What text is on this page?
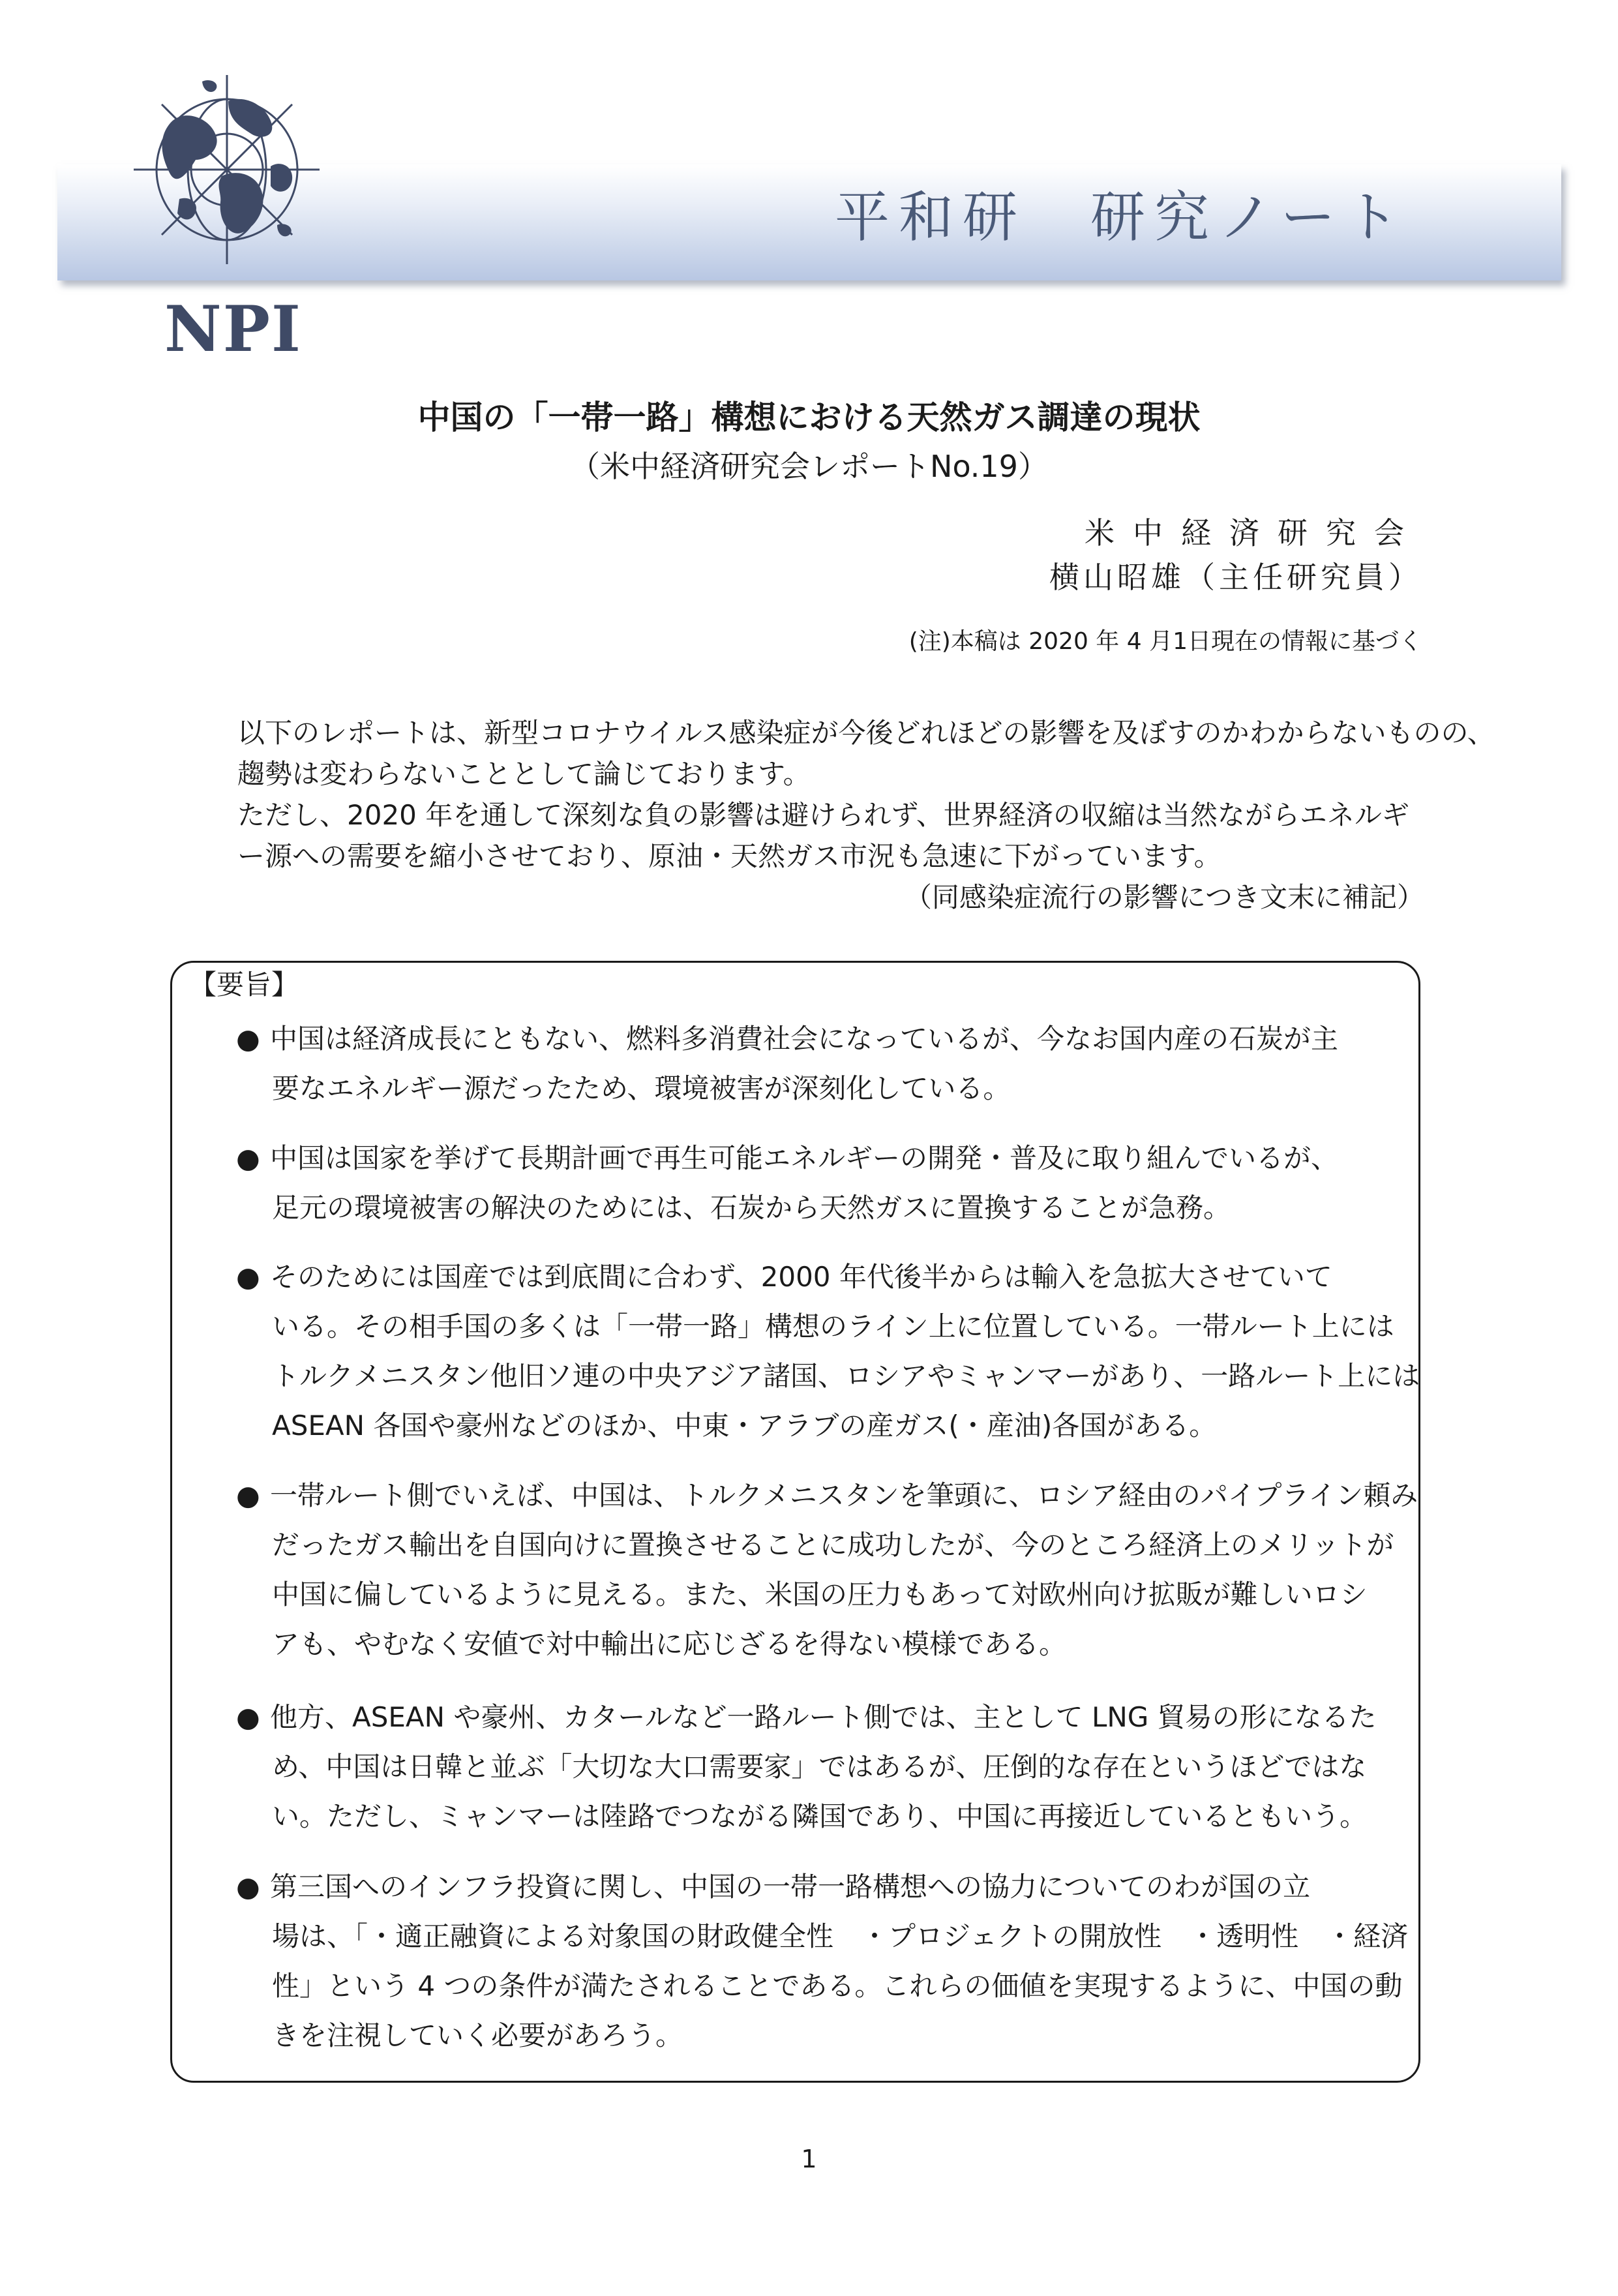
平和研　研究ノート
NPI
中国の「一帯一路」構想における天然ガス調達の現状
（米中経済研究会レポートNo.19）
米中経済研究会
横山昭雄（主任研究員）
(注)本稿は 2020 年 4 月1日現在の情報に基づく
以下のレポートは、新型コロナウイルス感染症が今後どれほどの影響を及ぼすのかわからないものの、
趨勢は変わらないこととして論じております。
ただし、2020 年を通して深刻な負の影響は避けられず、世界経済の収縮は当然ながらエネルギ
ー源への需要を縮小させており、原油・天然ガス市況も急速に下がっています。
（同感染症流行の影響につき文末に補記）
【要旨】
● 中国は経済成長にともない、燃料多消費社会になっているが、今なお国内産の石炭が主
要なエネルギー源だったため、環境被害が深刻化している。
● 中国は国家を挙げて長期計画で再生可能エネルギーの開発・普及に取り組んでいるが、
足元の環境被害の解決のためには、石炭から天然ガスに置換することが急務。
● そのためには国産では到底間に合わず、2000 年代後半からは輸入を急拡大させていて
いる。その相手国の多くは「一帯一路」構想のライン上に位置している。一帯ルート上には
トルクメニスタン他旧ソ連の中央アジア諸国、ロシアやミャンマーがあり、一路ルート上には
ASEAN 各国や豪州などのほか、中東・アラブの産ガス(・産油)各国がある。
● 一帯ルート側でいえば、中国は、トルクメニスタンを筆頭に、ロシア経由のパイプライン頼み
だったガス輸出を自国向けに置換させることに成功したが、今のところ経済上のメリットが
中国に偏しているように見える。また、米国の圧力もあって対欧州向け拡販が難しいロシ
アも、やむなく安値で対中輸出に応じざるを得ない模様である。
● 他方、ASEAN や豪州、カタールなど一路ルート側では、主として LNG 貿易の形になるた
め、中国は日韓と並ぶ「大切な大口需要家」ではあるが、圧倒的な存在というほどではな
い。ただし、ミャンマーは陸路でつながる隣国であり、中国に再接近しているともいう。
● 第三国へのインフラ投資に関し、中国の一帯一路構想への協力についてのわが国の立
場は、「・適正融資による対象国の財政健全性　・プロジェクトの開放性　・透明性　・経済
性」という 4 つの条件が満たされることである。これらの価値を実現するように、中国の動
きを注視していく必要があろう。
1
